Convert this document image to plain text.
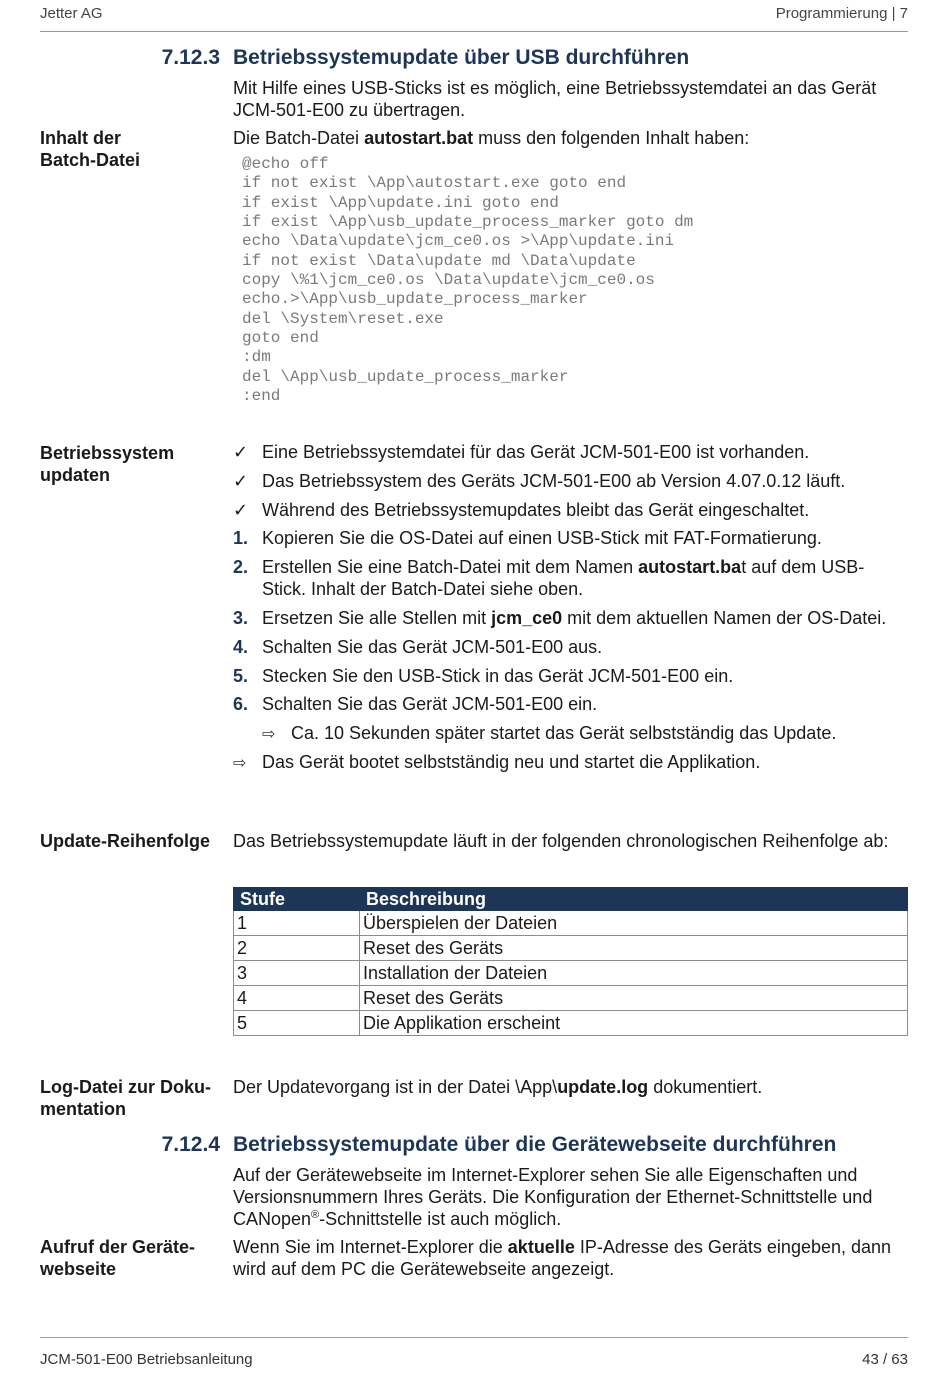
Jetter AG	Programmierung | 7
7.12.3 Betriebssystemupdate über USB durchführen
Mit Hilfe eines USB-Sticks ist es möglich, eine Betriebssystemdatei an das Gerät JCM-501-E00 zu übertragen.
Inhalt der
Batch-Datei
Die Batch-Datei autostart.bat muss den folgenden Inhalt haben:
@echo off
if not exist \App\autostart.exe goto end
if exist \App\update.ini goto end
if exist \App\usb_update_process_marker goto dm
echo \Data\update\jcm_ce0.os >\App\update.ini
if not exist \Data\update md \Data\update
copy \%1\jcm_ce0.os \Data\update\jcm_ce0.os
echo.>\App\usb_update_process_marker
del \System\reset.exe
goto end
:dm
del \App\usb_update_process_marker
:end
Betriebssystem
updaten
✓ Eine Betriebssystemdatei für das Gerät JCM-501-E00 ist vorhanden.
✓ Das Betriebssystem des Geräts JCM-501-E00 ab Version 4.07.0.12 läuft.
✓ Während des Betriebssystemupdates bleibt das Gerät eingeschaltet.
1. Kopieren Sie die OS-Datei auf einen USB-Stick mit FAT-Formatierung.
2. Erstellen Sie eine Batch-Datei mit dem Namen autostart.bat auf dem USB-Stick. Inhalt der Batch-Datei siehe oben.
3. Ersetzen Sie alle Stellen mit jcm_ce0 mit dem aktuellen Namen der OS-Datei.
4. Schalten Sie das Gerät JCM-501-E00 aus.
5. Stecken Sie den USB-Stick in das Gerät JCM-501-E00 ein.
6. Schalten Sie das Gerät JCM-501-E00 ein.
⇨ Ca. 10 Sekunden später startet das Gerät selbstständig das Update.
⇨ Das Gerät bootet selbstständig neu und startet die Applikation.
Update-Reihenfolge Das Betriebssystemupdate läuft in der folgenden chronologischen Reihenfolge ab:
Stufe	Beschreibung
1	Überspielen der Dateien
2	Reset des Geräts
3	Installation der Dateien
4	Reset des Geräts
5	Die Applikation erscheint
Log-Datei zur Doku-
mentation
Der Updatevorgang ist in der Datei \App\update.log dokumentiert.
7.12.4 Betriebssystemupdate über die Gerätewebseite durchführen
Auf der Gerätewebseite im Internet-Explorer sehen Sie alle Eigenschaften und Versionsnummern Ihres Geräts. Die Konfiguration der Ethernet-Schnittstelle und CANopen®-Schnittstelle ist auch möglich.
Aufruf der Geräte-
webseite
Wenn Sie im Internet-Explorer die aktuelle IP-Adresse des Geräts eingeben, dann wird auf dem PC die Gerätewebseite angezeigt.
JCM-501-E00 Betriebsanleitung	43 / 63
